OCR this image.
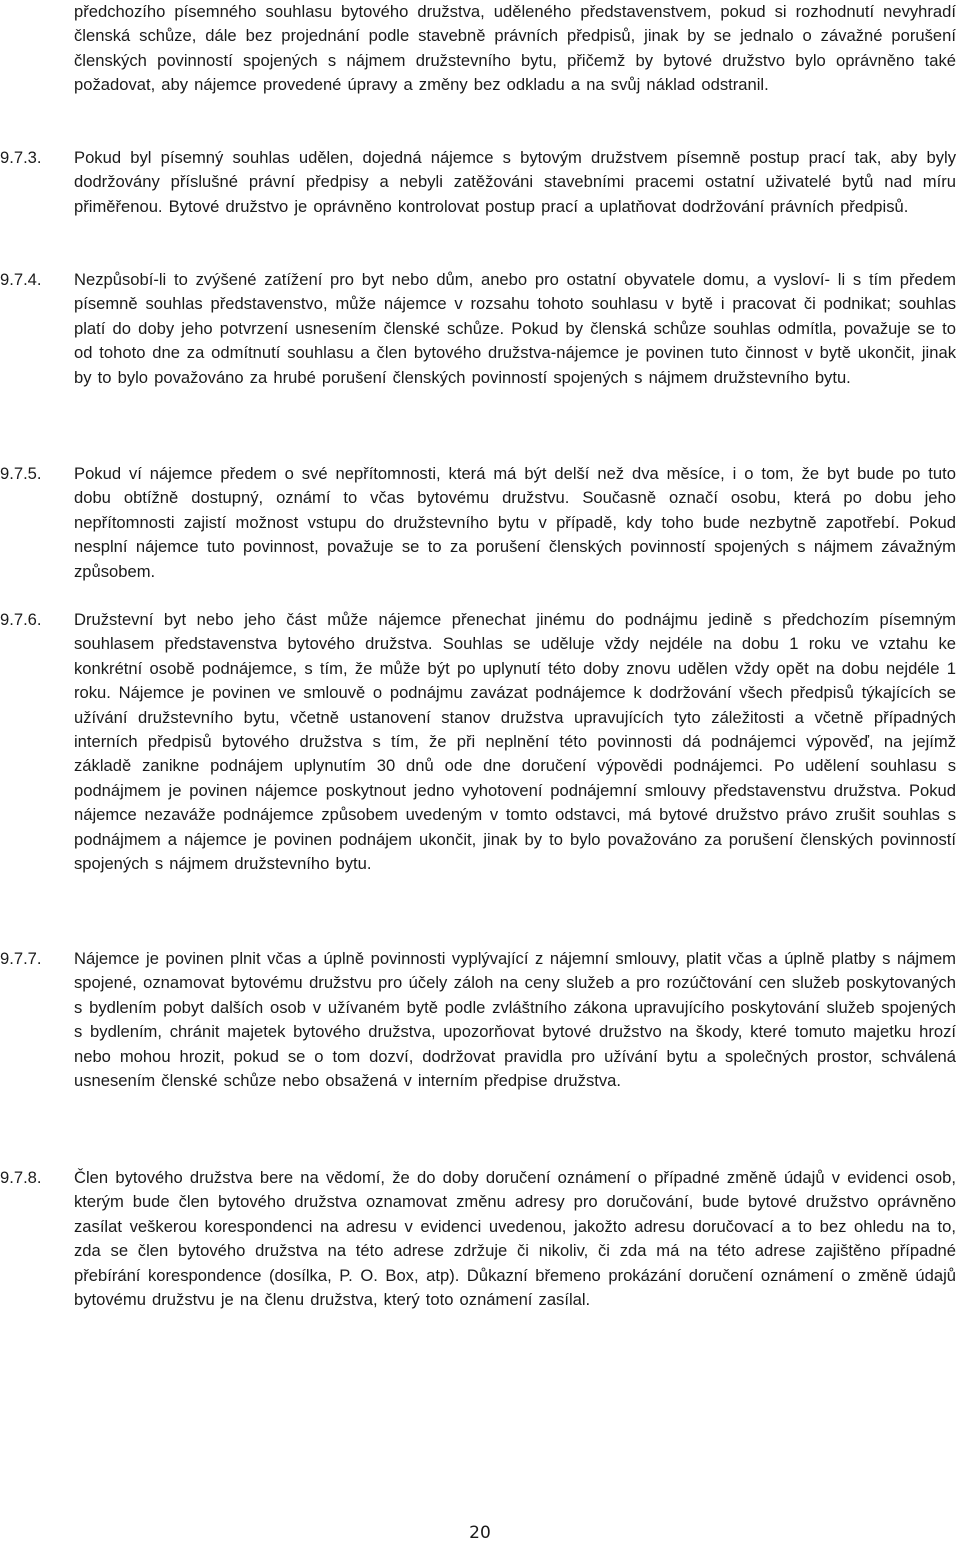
předchozího písemného souhlasu bytového družstva, uděleného představenstvem, pokud si rozhodnutí nevyhradí členská schůze, dále bez projednání podle stavebně právních předpisů, jinak by se jednalo o závažné porušení členských povinností spojených s nájmem družstevního bytu, přičemž by bytové družstvo bylo oprávněno také požadovat, aby nájemce provedené úpravy a změny bez odkladu a na svůj náklad odstranil.

9.7.3.	Pokud byl písemný souhlas udělen, dojedná nájemce s bytovým družstvem písemně postup prací tak, aby byly dodržovány příslušné právní předpisy a nebyli zatěžováni stavebními pracemi ostatní uživatelé bytů nad míru přiměřenou. Bytové družstvo je oprávněno kontrolovat postup prací a uplatňovat dodržování právních předpisů.

9.7.4.	Nezpůsobí-li to zvýšené zatížení pro byt nebo dům, anebo pro ostatní obyvatele domu, a vysloví- li s tím předem písemně souhlas představenstvo, může nájemce v rozsahu tohoto souhlasu v bytě i pracovat či podnikat; souhlas platí do doby jeho potvrzení usnesením členské schůze. Pokud by členská schůze souhlas odmítla, považuje se to od tohoto dne za odmítnutí souhlasu a člen bytového družstva-nájemce je povinen tuto činnost v bytě ukončit, jinak by to bylo považováno za hrubé porušení členských povinností spojených s nájmem družstevního bytu.

9.7.5.	Pokud ví nájemce předem o své nepřítomnosti, která má být delší než dva měsíce, i o tom, že byt bude po tuto dobu obtížně dostupný, oznámí to včas bytovému družstvu. Současně označí osobu, která po dobu jeho nepřítomnosti zajistí možnost vstupu do družstevního bytu v případě, kdy toho bude nezbytně zapotřebí. Pokud nesplní nájemce tuto povinnost, považuje se to za porušení členských povinností spojených s nájmem závažným způsobem.

9.7.6.	Družstevní byt nebo jeho část může nájemce přenechat jinému do podnájmu jedině s předchozím písemným souhlasem představenstva bytového družstva. Souhlas se uděluje vždy nejdéle na dobu 1 roku ve vztahu ke konkrétní osobě podnájemce, s tím, že může být po uplynutí této doby znovu udělen vždy opět na dobu nejdéle 1 roku. Nájemce je povinen ve smlouvě o podnájmu zavázat podnájemce k dodržování všech předpisů týkajících se užívání družstevního bytu, včetně ustanovení stanov družstva upravujících tyto záležitosti a včetně případných interních předpisů bytového družstva s tím, že při neplnění této povinnosti dá podnájemci výpověď, na jejímž základě zanikne podnájem uplynutím 30 dnů ode dne doručení výpovědi podnájemci. Po udělení souhlasu s podnájmem je povinen nájemce poskytnout jedno vyhotovení podnájemní smlouvy představenstvu družstva. Pokud nájemce nezaváže podnájemce způsobem uvedeným v tomto odstavci, má bytové družstvo právo zrušit souhlas s podnájmem a nájemce je povinen podnájem ukončit, jinak by to bylo považováno za porušení členských povinností spojených s nájmem družstevního bytu.

9.7.7.	Nájemce je povinen plnit včas a úplně povinnosti vyplývající z nájemní smlouvy, platit včas a úplně platby s nájmem spojené, oznamovat bytovému družstvu pro účely záloh na ceny služeb a pro rozúčtování cen služeb poskytovaných s bydlením pobyt dalších osob v užívaném bytě podle zvláštního zákona upravujícího poskytování služeb spojených s bydlením, chránit majetek bytového družstva, upozorňovat bytové družstvo na škody, které tomuto majetku hrozí nebo mohou hrozit, pokud se o tom dozví, dodržovat pravidla pro užívání bytu a společných prostor, schválená usnesením členské schůze nebo obsažená v interním předpise družstva.

9.7.8.	Člen bytového družstva bere na vědomí, že do doby doručení oznámení o případné změně údajů v evidenci osob, kterým bude člen bytového družstva oznamovat změnu adresy pro doručování, bude bytové družstvo oprávněno zasílat veškerou korespondenci na adresu v evidenci uvedenou, jakožto adresu doručovací a to bez ohledu na to, zda se člen bytového družstva na této adrese zdržuje či nikoliv, či zda má na této adrese zajištěno případné přebírání korespondence (dosílka, P. O. Box, atp). Důkazní břemeno prokázání doručení oznámení o změně údajů bytovému družstvu je na členu družstva, který toto oznámení zasílal.

20
